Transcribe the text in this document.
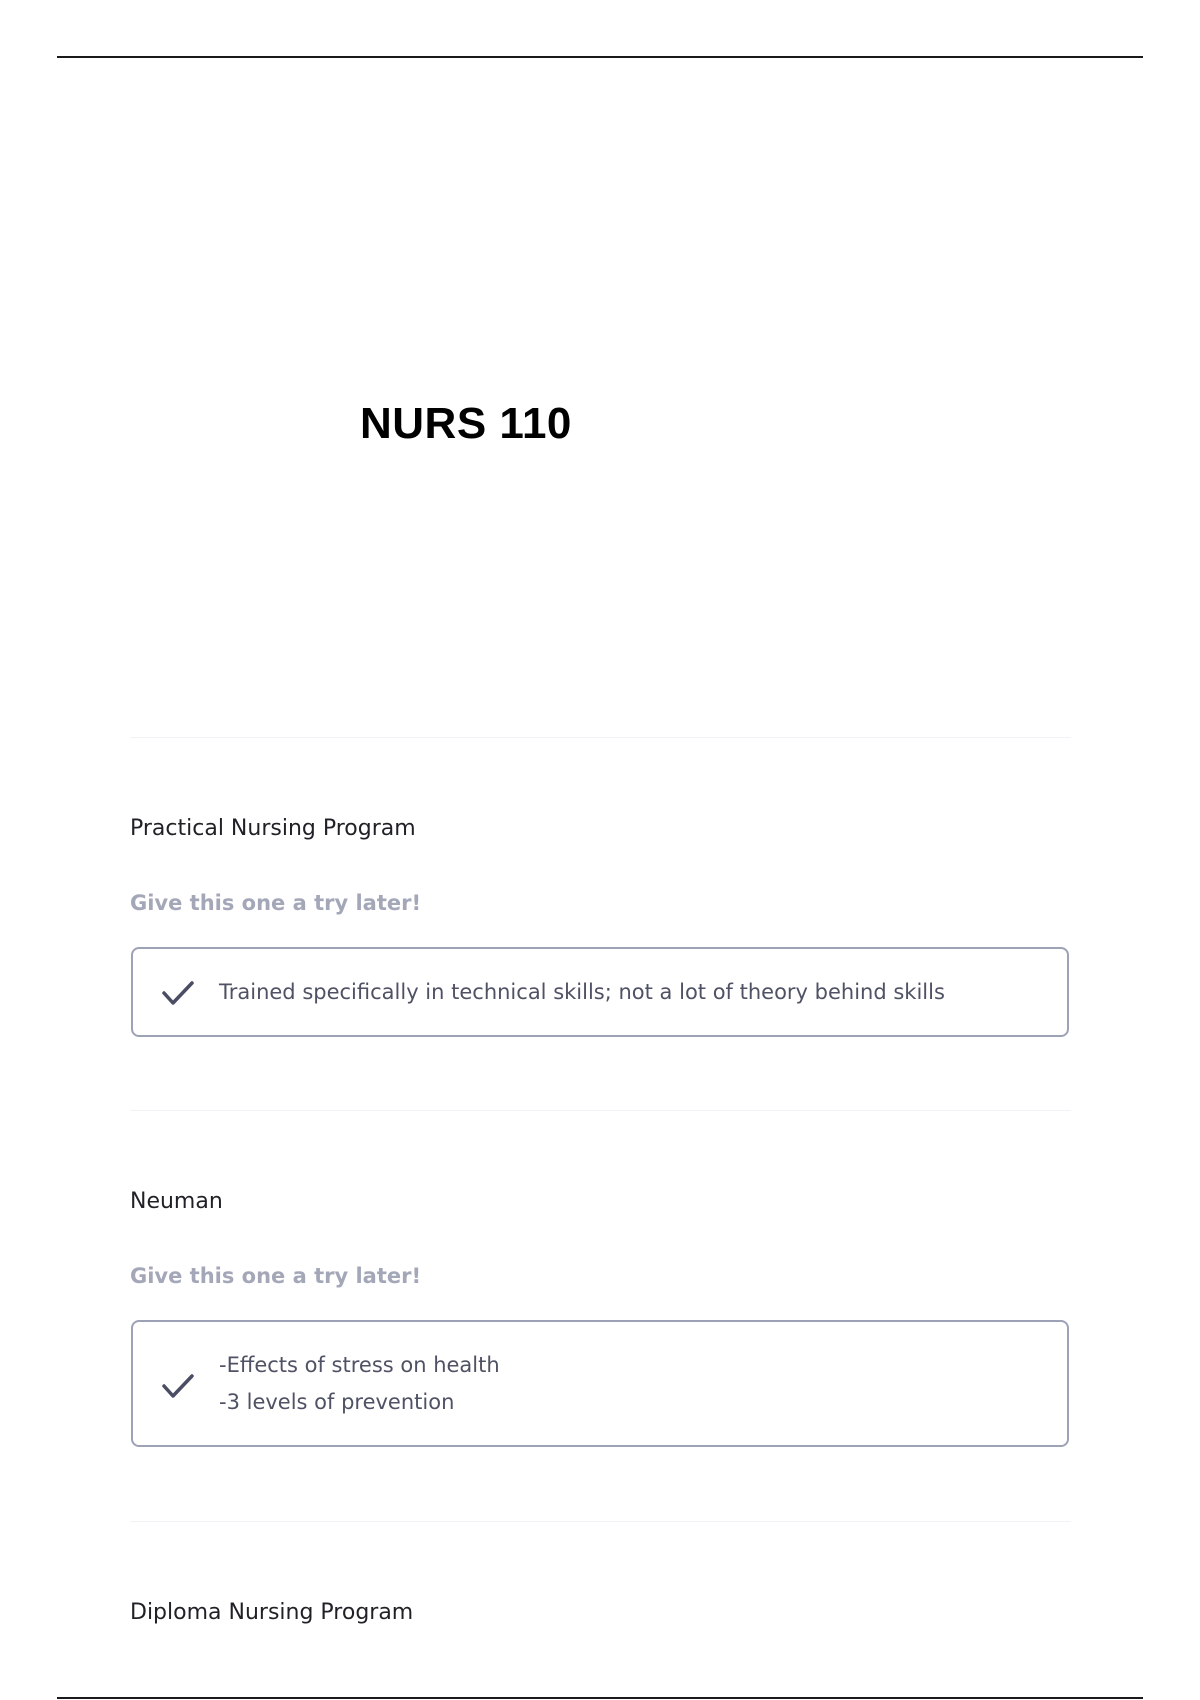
NURS 110

Practical Nursing Program

Give this one a try later!

Trained specifically in technical skills; not a lot of theory behind skills

Neuman

Give this one a try later!

-Effects of stress on health
-3 levels of prevention

Diploma Nursing Program
